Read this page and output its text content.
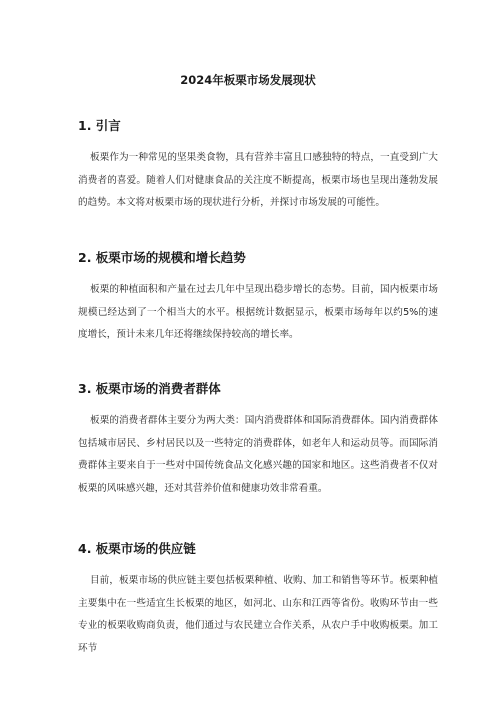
2024年板栗市场发展现状
1. 引言

板栗作为一种常见的坚果类食物，具有营养丰富且口感独特的特点，一直受到广大消费者的喜爱。随着人们对健康食品的关注度不断提高，板栗市场也呈现出蓬勃发展的趋势。本文将对板栗市场的现状进行分析，并探讨市场发展的可能性。

2. 板栗市场的规模和增长趋势

板栗的种植面积和产量在过去几年中呈现出稳步增长的态势。目前，国内板栗市场规模已经达到了一个相当大的水平。根据统计数据显示，板栗市场每年以约5%的速度增长，预计未来几年还将继续保持较高的增长率。

3. 板栗市场的消费者群体

板栗的消费者群体主要分为两大类：国内消费群体和国际消费群体。国内消费群体包括城市居民、乡村居民以及一些特定的消费群体，如老年人和运动员等。而国际消费群体主要来自于一些对中国传统食品文化感兴趣的国家和地区。这些消费者不仅对板栗的风味感兴趣，还对其营养价值和健康功效非常看重。

4. 板栗市场的供应链

目前，板栗市场的供应链主要包括板栗种植、收购、加工和销售等环节。板栗种植主要集中在一些适宜生长板栗的地区，如河北、山东和江西等省份。收购环节由一些专业的板栗收购商负责，他们通过与农民建立合作关系，从农户手中收购板栗。加工环节
